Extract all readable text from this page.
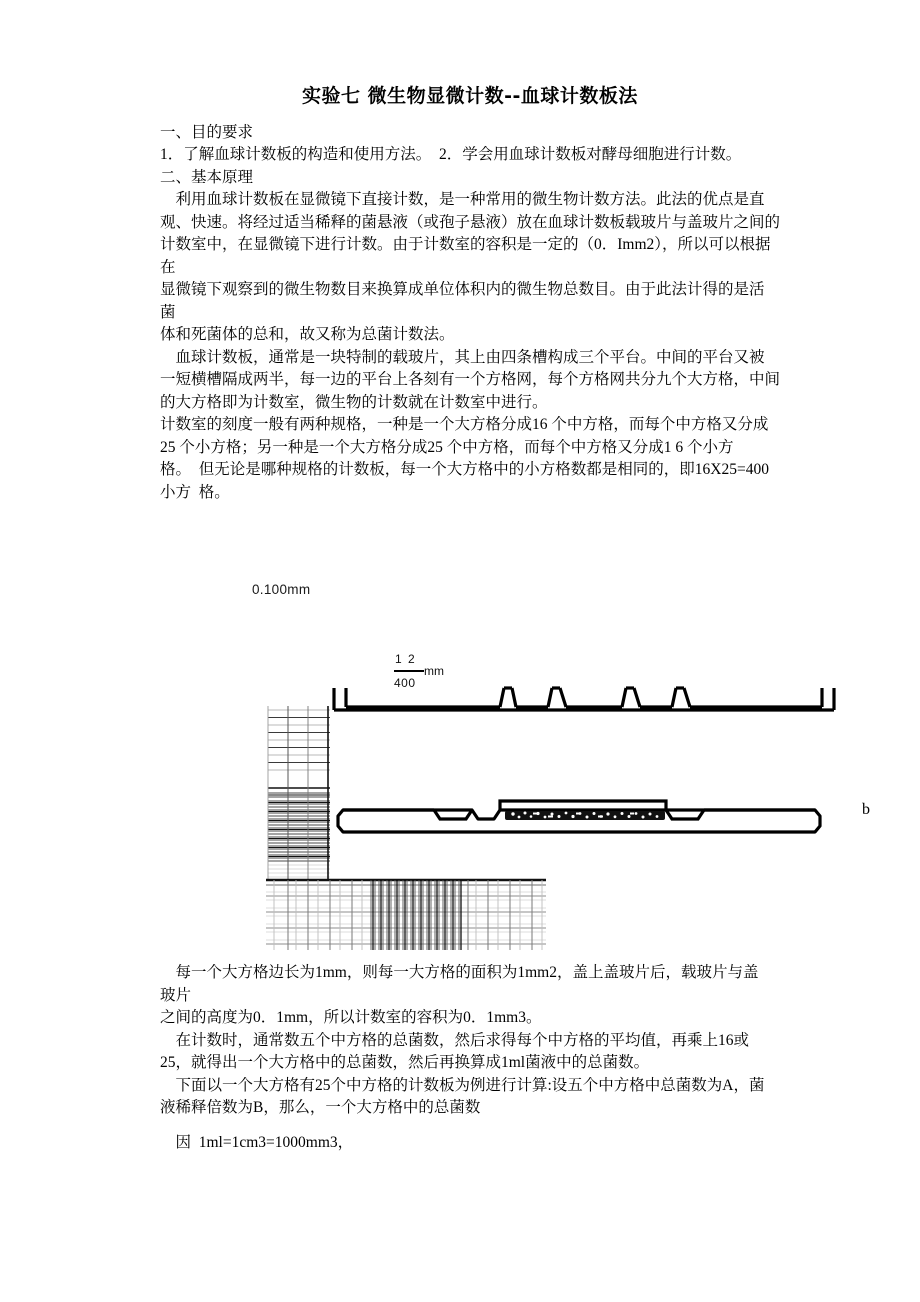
实验七 微生物显微计数--血球计数板法
一、目的要求
1．了解血球计数板的构造和使用方法。  2．学会用血球计数板对酵母细胞进行计数。
二、基本原理
利用血球计数板在显微镜下直接计数，是一种常用的微生物计数方法。此法的优点是直
观、快速。将经过适当稀释的菌悬液（或孢子悬液）放在血球计数板载玻片与盖玻片之间的
计数室中，在显微镜下进行计数。由于计数室的容积是一定的（0．Imm2），所以可以根据  在
显微镜下观察到的微生物数目来换算成单位体积内的微生物总数目。由于此法计得的是活  菌
体和死菌体的总和，故又称为总菌计数法。
血球计数板，通常是一块特制的载玻片，其上由四条槽构成三个平台。中间的平台又被
一短横槽隔成两半，每一边的平台上各刻有一个方格网，每个方格网共分九个大方格，中间
的大方格即为计数室，微生物的计数就在计数室中进行。
计数室的刻度一般有两种规格，一种是一个大方格分成16 个中方格，而每个中方格又分成
25 个小方格；另一种是一个大方格分成25 个中方格，而每个中方格又分成1 6 个小方
格。  但无论是哪种规格的计数板，每一个大方格中的小方格数都是相同的，即16X25=400
小方  格。
0.100mm
1 2
mm
400
b
每一个大方格边长为1mm，则每一大方格的面积为1mm2，盖上盖玻片后，载玻片与盖  玻片
之间的高度为0．1mm，所以计数室的容积为0．1mm3。
在计数时，通常数五个中方格的总菌数，然后求得每个中方格的平均值，再乘上16或
25，就得出一个大方格中的总菌数，然后再换算成1ml菌液中的总菌数。
下面以一个大方格有25个中方格的计数板为例进行计算:设五个中方格中总菌数为A，菌
液稀释倍数为B，那么，一个大方格中的总菌数
因  1ml=1cm3=1000mm3，
